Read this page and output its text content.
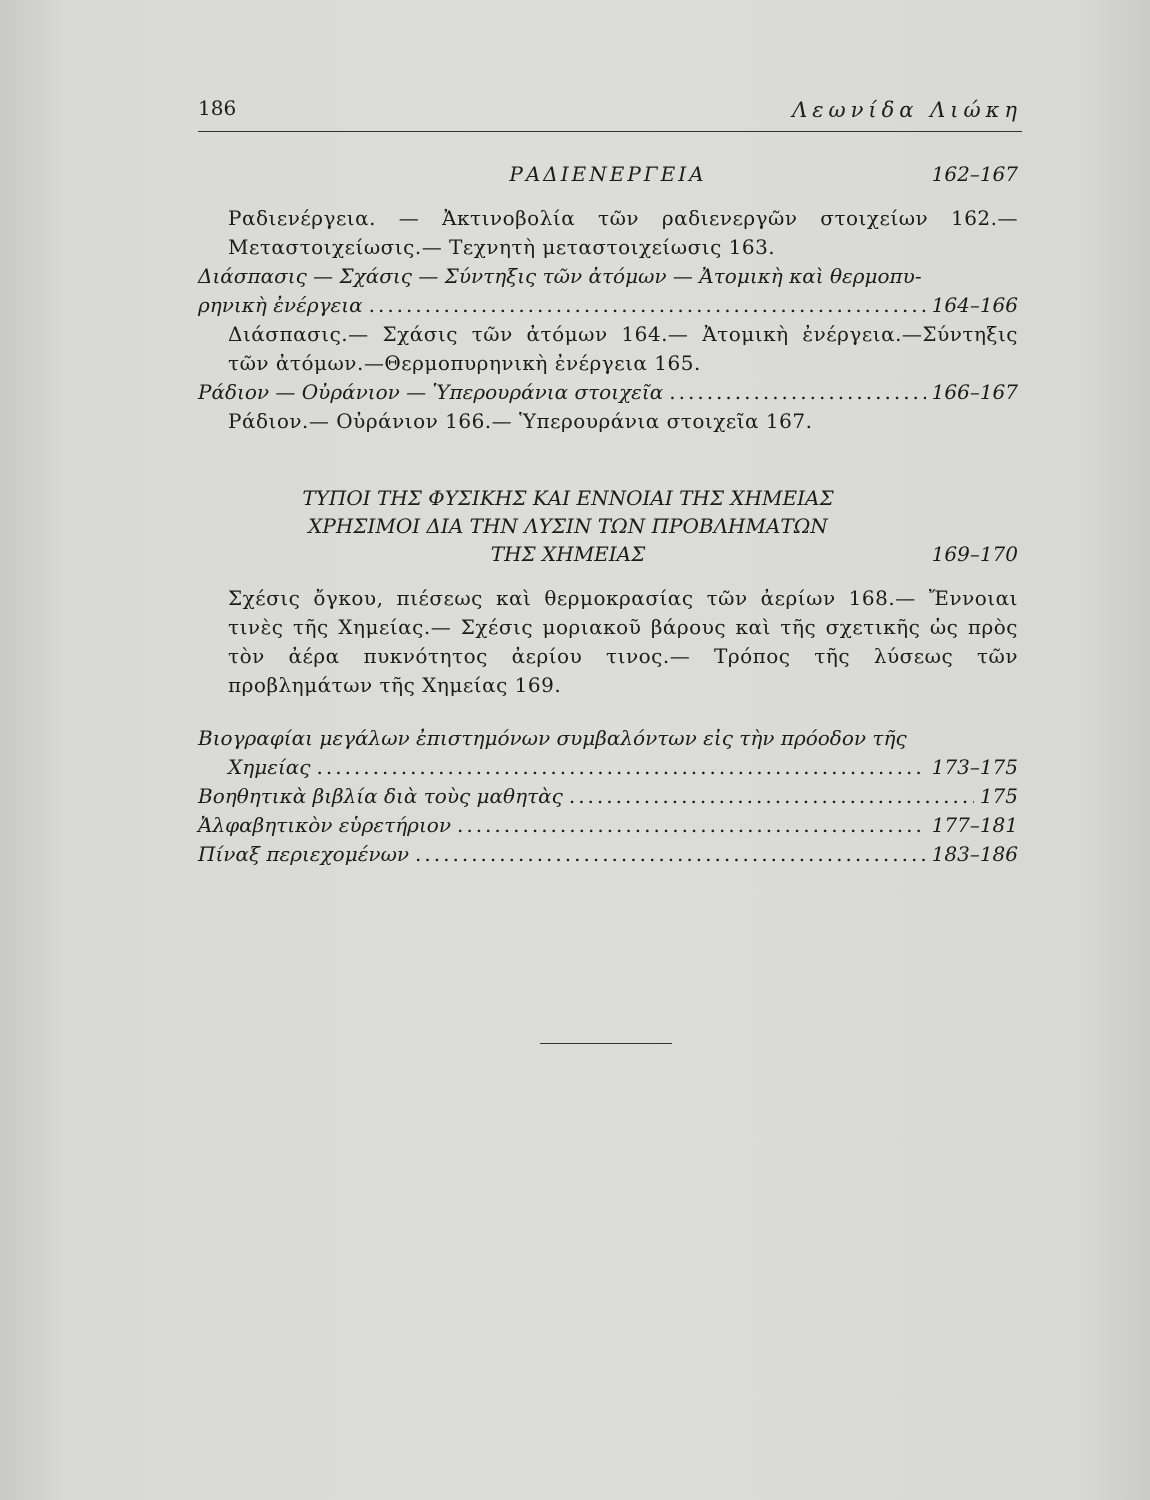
186	Λεωνίδα Λιώκη
ΡΑΔΙΕΝΕΡΓΕΙΑ	162–167
Ραδιενέργεια. — Ἀκτινοβολία τῶν ραδιενεργῶν στοιχείων 162.— Μεταστοιχείωσις.— Τεχνητὴ μεταστοιχείωσις 163.
Διάσπασις — Σχάσις — Σύντηξις τῶν ἀτόμων — Ἀτομικὴ καὶ θερμοπυ-
ρηνικὴ ἐνέργεια .....	164–166
Διάσπασις.— Σχάσις τῶν ἀτόμων 164.— Ἀτομικὴ ἐνέργεια.—Σύντηξις τῶν ἀτόμων.—Θερμοπυρηνικὴ ἐνέργεια 165.
Ράδιον — Οὐράνιον — Ὑπερουράνια στοιχεῖα .....	166–167
Ράδιον.— Οὐράνιον 166.— Ὑπερουράνια στοιχεῖα 167.
ΤΥΠΟΙ ΤΗΣ ΦΥΣΙΚΗΣ ΚΑΙ ΕΝΝΟΙΑΙ ΤΗΣ ΧΗΜΕΙΑΣ
ΧΡΗΣΙΜΟΙ ΔΙΑ ΤΗΝ ΛΥΣΙΝ ΤΩΝ ΠΡΟΒΛΗΜΑΤΩΝ
ΤΗΣ ΧΗΜΕΙΑΣ	169–170
Σχέσις ὄγκου, πιέσεως καὶ θερμοκρασίας τῶν ἀερίων 168.— Ἔννοιαι τινὲς τῆς Χημείας.— Σχέσις μοριακοῦ βάρους καὶ τῆς σχετικῆς ὡς πρὸς τὸν ἀέρα πυκνότητος ἀερίου τινος.— Τρόπος τῆς λύσεως τῶν προβλημάτων τῆς Χημείας 169.
Βιογραφίαι μεγάλων ἐπιστημόνων συμβαλόντων εἰς τὴν πρόοδον τῆς
Χημείας .....	173–175
Βοηθητικὰ βιβλία διὰ τοὺς μαθητὰς .....	175
Ἀλφαβητικὸν εὑρετήριον .....	177–181
Πίναξ περιεχομένων .....	183–186
